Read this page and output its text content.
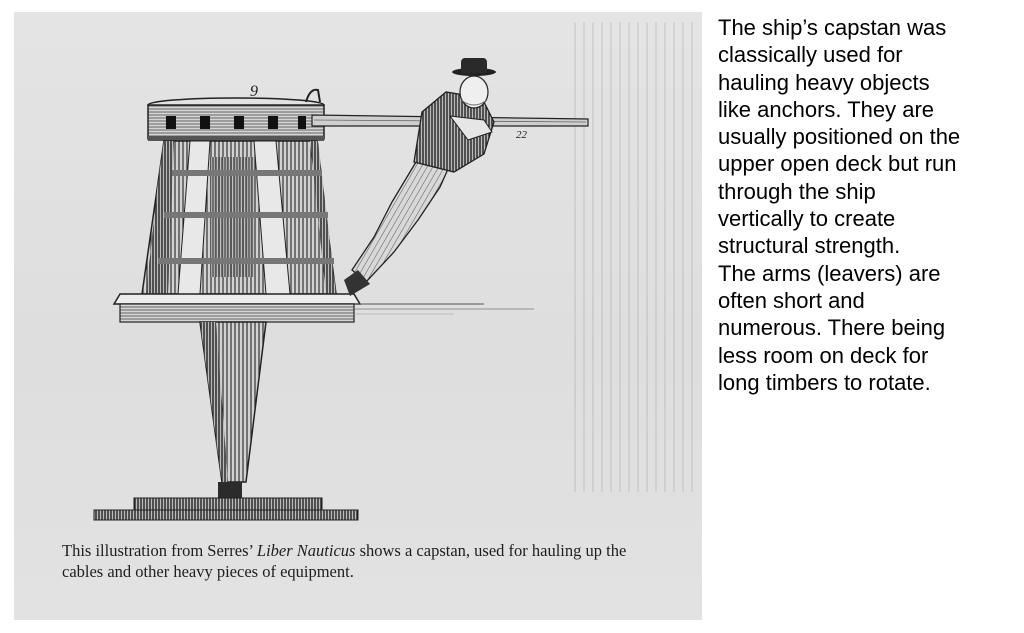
9
22
This illustration from Serres’ Liber Nauticus shows a capstan, used for hauling up the cables and other heavy pieces of equipment.
The ship’s capstan was
classically used for
hauling heavy objects
like anchors. They are
usually positioned on the
upper open deck but run
through the ship
vertically to create
structural strength.
The arms (leavers) are
often short and
numerous. There being
less room on deck for
long timbers to rotate.
